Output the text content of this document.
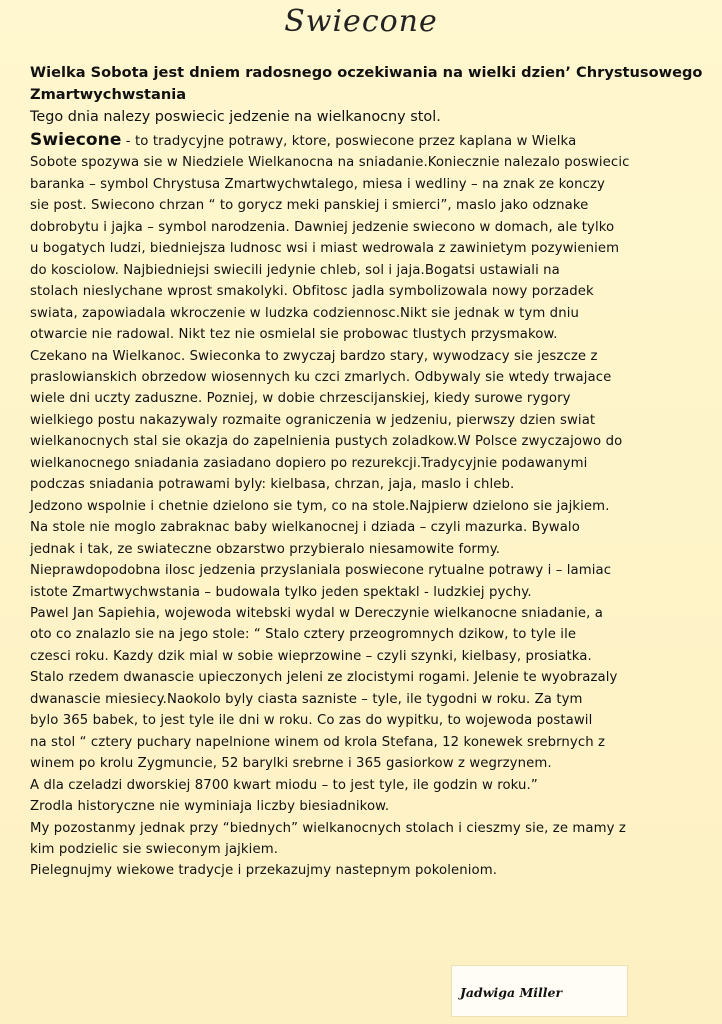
Swiecone

Wielka Sobota jest dniem radosnego oczekiwania na wielki dzien’ Chrystusowego
Zmartwychwstania

Tego dnia nalezy poswiecic jedzenie na wielkanocny stol.

Swiecone - to tradycyjne potrawy, ktore, poswiecone przez kaplana w Wielka
Sobote spozywa sie w Niedziele Wielkanocna na sniadanie.Koniecznie nalezalo poswiecic
baranka – symbol Chrystusa Zmartwychwtalego, miesa i wedliny – na znak ze konczy
sie post. Swiecono chrzan “ to gorycz meki panskiej i smierci”, maslo jako odznake
dobrobytu i jajka – symbol narodzenia. Dawniej jedzenie swiecono w domach, ale tylko
u bogatych ludzi, biedniejsza ludnosc wsi i miast wedrowala z zawinietym pozywieniem
do kosciolow. Najbiedniejsi swiecili jedynie chleb, sol i jaja.Bogatsi ustawiali na
stolach nieslychane wprost smakolyki. Obfitosc jadla symbolizowala nowy porzadek
swiata, zapowiadala wkroczenie w ludzka codziennosc.Nikt sie jednak w tym dniu
otwarcie nie radowal. Nikt tez nie osmielal sie probowac tlustych przysmakow.
Czekano na Wielkanoc. Swieconka to zwyczaj bardzo stary, wywodzacy sie jeszcze z
praslowianskich obrzedow wiosennych ku czci zmarlych. Odbywaly sie wtedy trwajace
wiele dni uczty zaduszne. Pozniej, w dobie chrzescijanskiej, kiedy surowe rygory
wielkiego postu nakazywaly rozmaite ograniczenia w jedzeniu, pierwszy dzien swiat
wielkanocnych stal sie okazja do zapelnienia pustych zoladkow.W Polsce zwyczajowo do
wielkanocnego sniadania zasiadano dopiero po rezurekcji.Tradycyjnie podawanymi
podczas sniadania potrawami byly: kielbasa, chrzan, jaja, maslo i chleb.
Jedzono wspolnie i chetnie dzielono sie tym, co na stole.Najpierw dzielono sie jajkiem.
Na stole nie moglo zabraknac baby wielkanocnej i dziada – czyli mazurka. Bywalo
jednak i tak, ze swiateczne obzarstwo przybieralo niesamowite formy.
Nieprawdopodobna ilosc jedzenia przyslaniala poswiecone rytualne potrawy i – lamiac
istote Zmartwychwstania – budowala tylko jeden spektakl - ludzkiej pychy.
Pawel Jan Sapiehia, wojewoda witebski wydal w Dereczynie wielkanocne sniadanie, a
oto co znalazlo sie na jego stole: “ Stalo cztery przeogromnych dzikow, to tyle ile
czesci roku. Kazdy dzik mial w sobie wieprzowine – czyli szynki, kielbasy, prosiatka.
Stalo rzedem dwanascie upieczonych jeleni ze zlocistymi rogami. Jelenie te wyobrazaly
dwanascie miesiecy.Naokolo byly ciasta sazniste – tyle, ile tygodni w roku. Za tym
bylo 365 babek, to jest tyle ile dni w roku. Co zas do wypitku, to wojewoda postawil
na stol “ cztery puchary napelnione winem od krola Stefana, 12 konewek srebrnych z
winem po krolu Zygmuncie, 52 barylki srebrne i 365 gasiorkow z wegrzynem.
A dla czeladzi dworskiej 8700 kwart miodu – to jest tyle, ile godzin w roku.”
Zrodla historyczne nie wyminiaja liczby biesiadnikow.
My pozostanmy jednak przy “biednych” wielkanocnych stolach i cieszmy sie, ze mamy z
kim podzielic sie swieconym jajkiem.
Pielegnujmy wiekowe tradycje i przekazujmy nastepnym pokoleniom.
Jadwiga Miller
